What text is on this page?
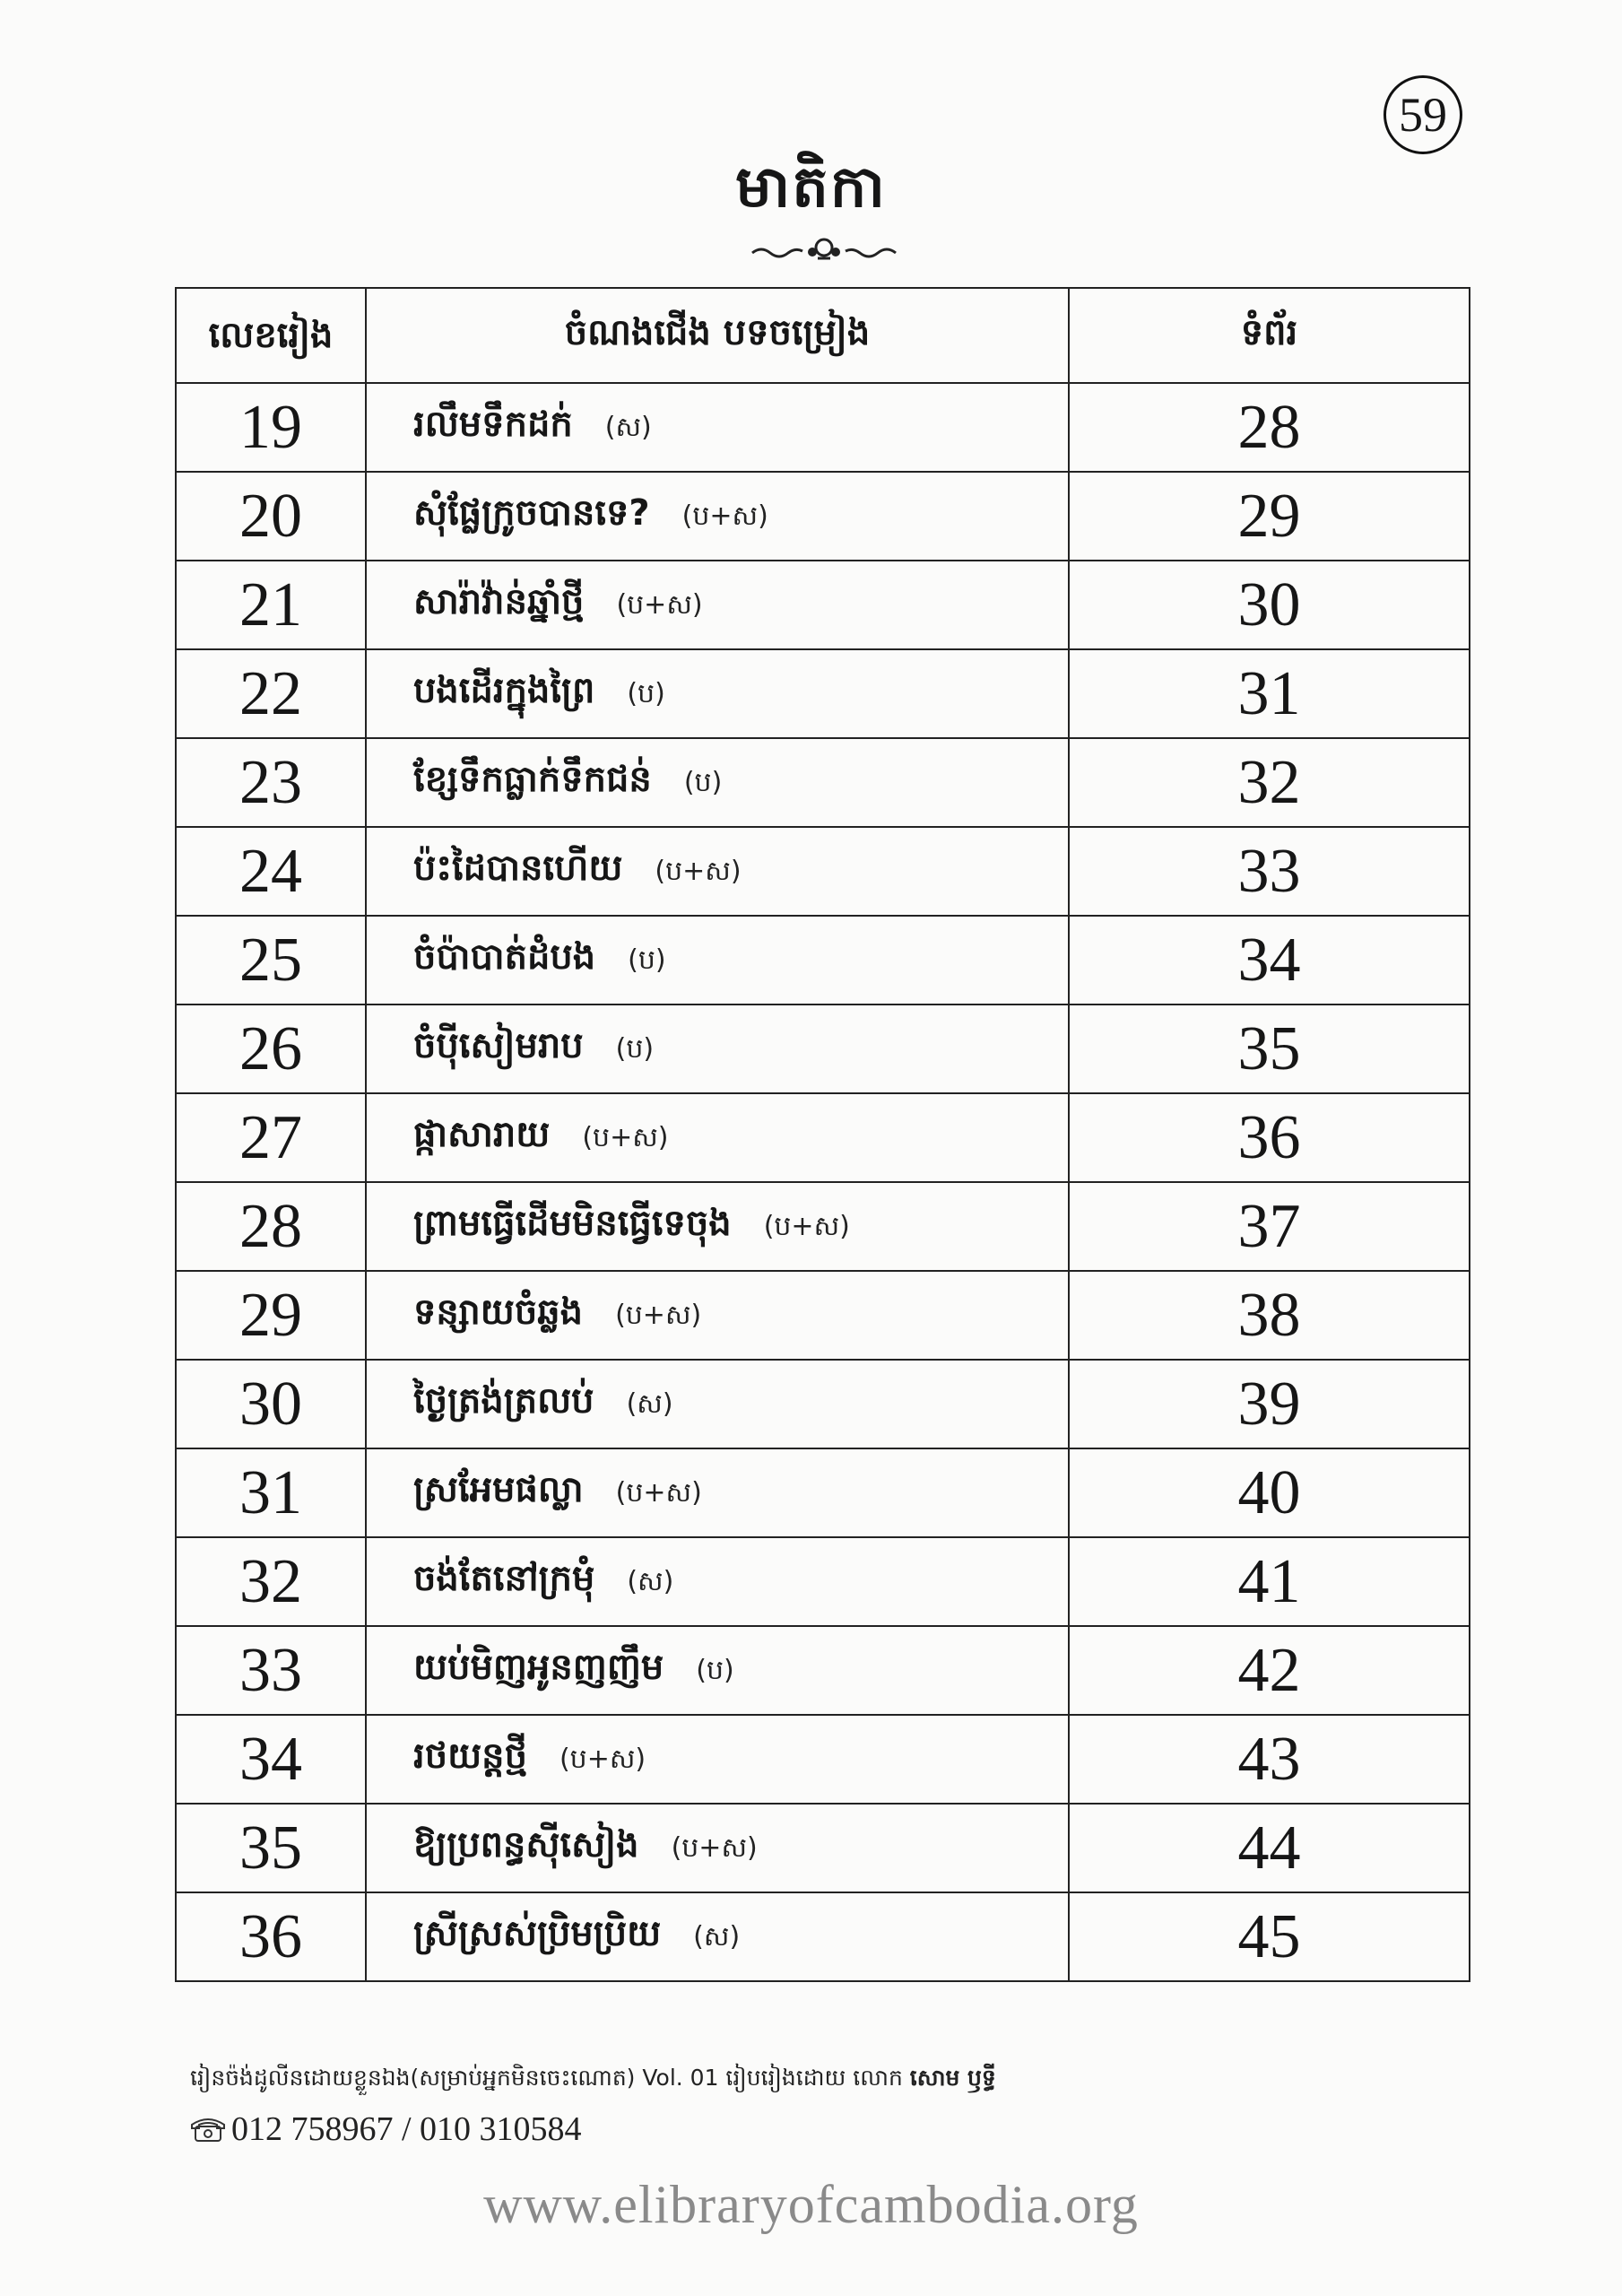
59
មាតិកា
លេខរៀង	ចំណងជើង បទចម្រៀង	ទំព័រ
19	រលឹមទឹកដក់ (ស)	28
20	សុំផ្លែក្រូចបានទេ? (ប+ស)	29
21	សារ៉ាវ៉ាន់ឆ្នាំថ្មី (ប+ស)	30
22	បងដើរក្នុងព្រៃ (ប)	31
23	ខ្សែទឹកធ្លាក់ទឹកជន់ (ប)	32
24	ប៉ះដៃបានហើយ (ប+ស)	33
25	ចំប៉ាបាត់ដំបង (ប)	34
26	ចំប៉ីសៀមរាប (ប)	35
27	ផ្កាសារាយ (ប+ស)	36
28	ព្រាមធ្វើដើមមិនធ្វើទេចុង (ប+ស)	37
29	ទន្សាយចំឆ្លង (ប+ស)	38
30	ថ្ងៃត្រង់ត្រលប់ (ស)	39
31	ស្រអែមផល្លា (ប+ស)	40
32	ចង់តែនៅក្រមុំ (ស)	41
33	យប់មិញអូនញញឹម (ប)	42
34	រថយន្តថ្មី (ប+ស)	43
35	ឱ្យប្រពន្ធស៊ីសៀង (ប+ស)	44
36	ស្រីស្រស់ប្រិមប្រិយ (ស)	45
រៀនច៉ង់ដូលីនដោយខ្លួនឯង(សម្រាប់អ្នកមិនចេះណោត) Vol. 01 រៀបរៀងដោយ លោក សោម ឫទ្ធី
012 758967 / 010 310584
www.elibraryofcambodia.org
